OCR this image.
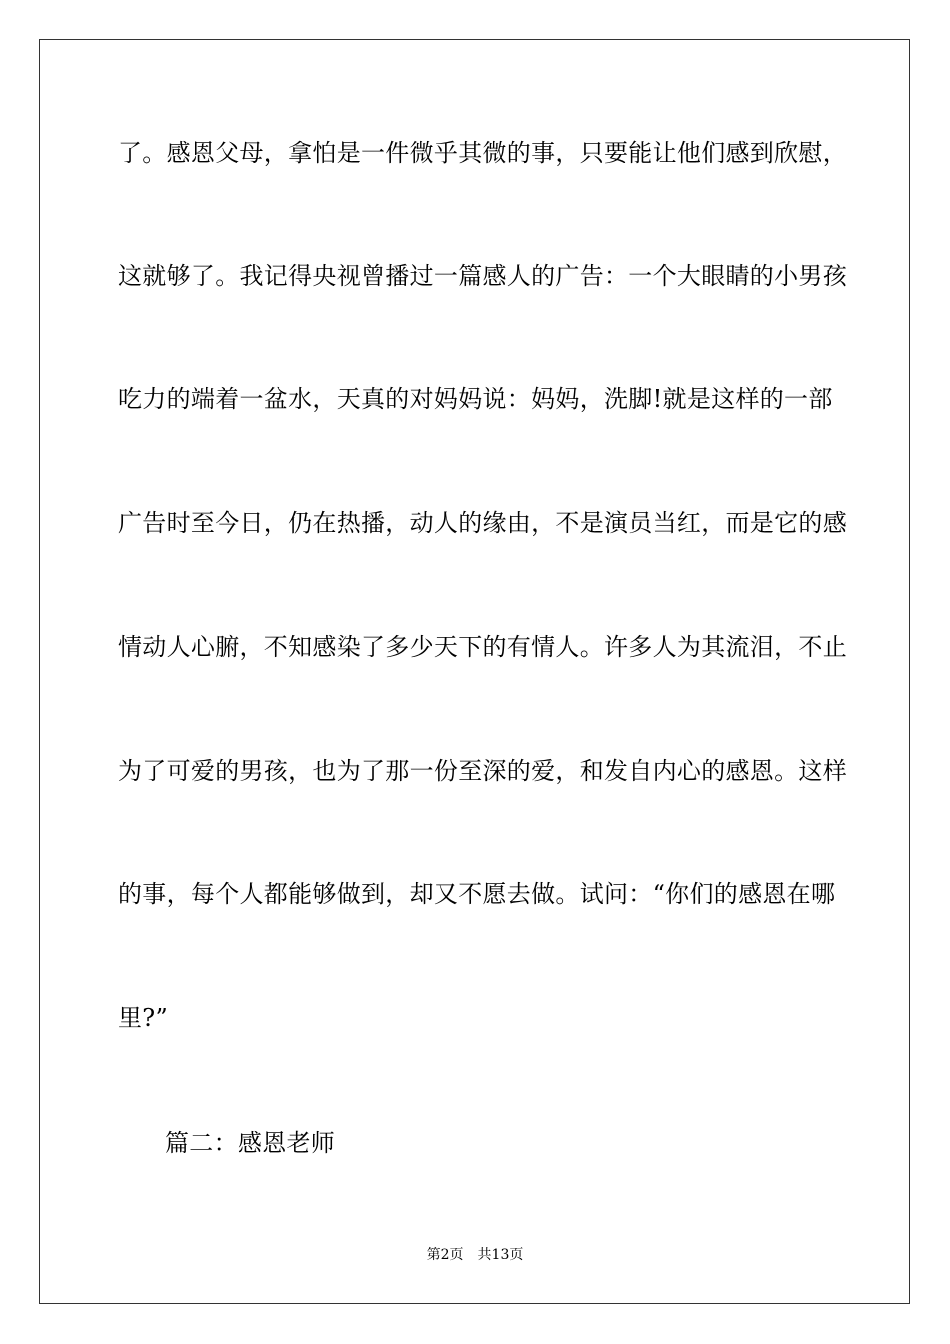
了。感恩父母，拿怕是一件微乎其微的事，只要能让他们感到欣慰，
这就够了。我记得央视曾播过一篇感人的广告：一个大眼睛的小男孩
吃力的端着一盆水，天真的对妈妈说：妈妈，洗脚!就是这样的一部
广告时至今日，仍在热播，动人的缘由，不是演员当红，而是它的感
情动人心腑，不知感染了多少天下的有情人。许多人为其流泪，不止
为了可爱的男孩，也为了那一份至深的爱，和发自内心的感恩。这样
的事，每个人都能够做到，却又不愿去做。试问：“你们的感恩在哪
里?”
篇二：感恩老师
第2页 共13页
